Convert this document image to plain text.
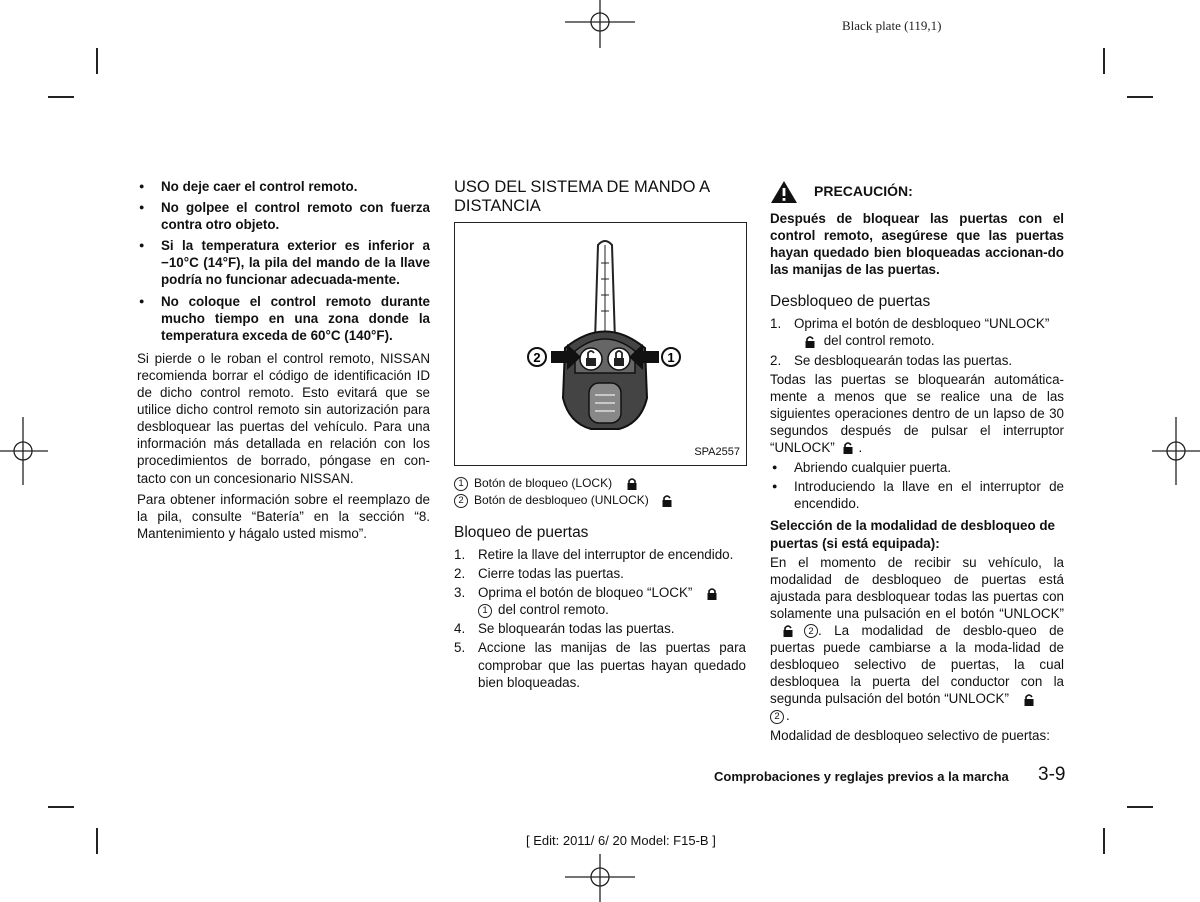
Black plate (119,1)
● No deje caer el control remoto.
● No golpee el control remoto con fuerza contra otro objeto.
● Si la temperatura exterior es inferior a −10°C (14°F), la pila del mando de la llave podría no funcionar adecuada-mente.
● No coloque el control remoto durante mucho tiempo en una zona donde la temperatura exceda de 60°C (140°F).

Si pierde o le roban el control remoto, NISSAN recomienda borrar el código de identificación ID de dicho control remoto. Esto evitará que se utilice dicho control remoto sin autorización para desbloquear las puertas del vehículo. Para una información más detallada en relación con los procedimientos de borrado, póngase en con-tacto con un concesionario NISSAN.

Para obtener información sobre el reemplazo de la pila, consulte “Batería” en la sección “8. Mantenimiento y hágalo usted mismo”.

USO DEL SISTEMA DE MANDO A DISTANCIA
2	1
SPA2557
1 Botón de bloqueo (LOCK)
2 Botón de desbloqueo (UNLOCK)
Bloqueo de puertas
1. Retire la llave del interruptor de encendido.
2. Cierre todas las puertas.
3. Oprima el botón de bloqueo “LOCK”
1 del control remoto.
4. Se bloquearán todas las puertas.
5. Accione las manijas de las puertas para comprobar que las puertas hayan quedado bien bloqueadas.
PRECAUCIÓN:

Después de bloquear las puertas con el control remoto, asegúrese que las puertas hayan quedado bien bloqueadas accionan-do las manijas de las puertas.

Desbloqueo de puertas
1. Oprima el botón de desbloqueo “UNLOCK”
del control remoto.
2. Se desbloquearán todas las puertas.

Todas las puertas se bloquearán automática-mente a menos que se realice una de las siguientes operaciones dentro de un lapso de 30 segundos después de pulsar el interruptor “UNLOCK” .

● Abriendo cualquier puerta.
● Introduciendo la llave en el interruptor de encendido.

Selección de la modalidad de desbloqueo de puertas (si está equipada):

En el momento de recibir su vehículo, la modalidad de desbloqueo de puertas está ajustada para desbloquear todas las puertas con solamente una pulsación en el botón “UNLOCK” 2 . La modalidad de desblo-queo de puertas puede cambiarse a la moda-lidad de desbloqueo selectivo de puertas, la cual desbloquea la puerta del conductor con la segunda pulsación del botón “UNLOCK”
2 .

Modalidad de desbloqueo selectivo de puertas:

Comprobaciones y reglajes previos a la marcha 3-9
[ Edit: 2011/ 6/ 20 Model: F15-B ]
